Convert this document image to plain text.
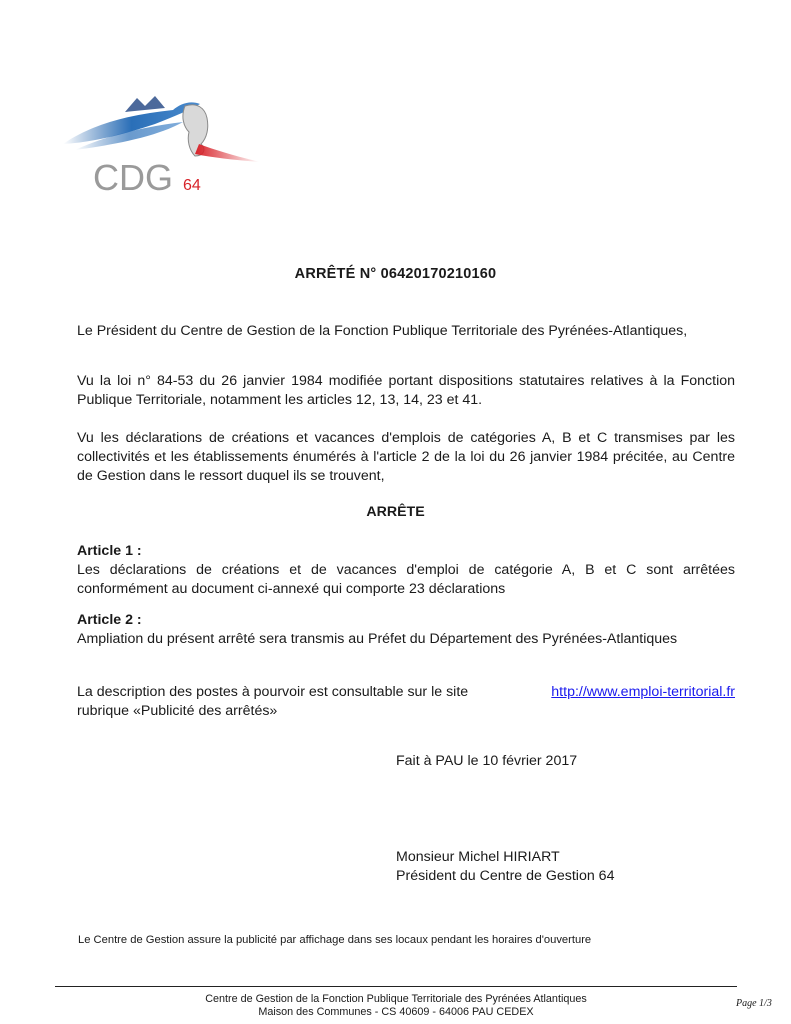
CDG 64
ARRÊTÉ N° 06420170210160
Le Président du Centre de Gestion de la Fonction Publique Territoriale des Pyrénées-Atlantiques,
Vu la loi n° 84-53 du 26 janvier 1984 modifiée portant dispositions statutaires relatives à la Fonction Publique Territoriale, notamment les articles 12, 13, 14, 23 et 41.
Vu les déclarations de créations et vacances d'emplois de catégories A, B et C transmises par les collectivités et les établissements énumérés à l'article 2 de la loi du 26 janvier 1984 précitée, au Centre de Gestion dans le ressort duquel ils se trouvent,
ARRÊTE
Article 1 :
Les déclarations de créations et de vacances d'emploi de catégorie A, B et C sont arrêtées conformément au document ci-annexé qui comporte 23 déclarations
Article 2 :
Ampliation du présent arrêté sera transmis au Préfet du Département des Pyrénées-Atlantiques
La description des postes à pourvoir est consultable sur le site	http://www.emploi-territorial.fr
rubrique «Publicité des arrêtés»
Fait à PAU le 10 février 2017
Monsieur Michel HIRIART
Président du Centre de Gestion 64
Le Centre de Gestion assure la publicité par affichage dans ses locaux pendant les horaires d'ouverture
Centre de Gestion de la Fonction Publique Territoriale des Pyrénées Atlantiques
Maison des Communes - CS 40609 - 64006 PAU CEDEX
Page 1/3
